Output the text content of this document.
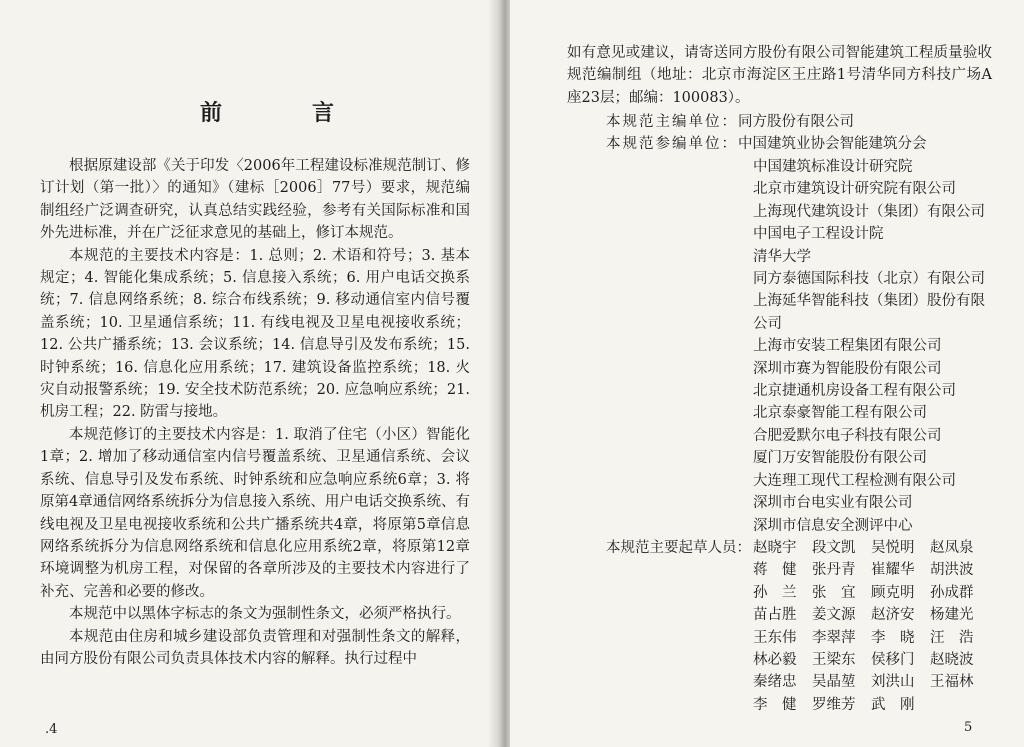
前　言

根据原建设部《关于印发〈2006年工程建设标准规范制订、修订计划（第一批）〉的通知》（建标［2006］77号）要求，规范编制组经广泛调查研究，认真总结实践经验，参考有关国际标准和国外先进标准，并在广泛征求意见的基础上，修订本规范。

本规范的主要技术内容是：1. 总则；2. 术语和符号；3. 基本规定；4. 智能化集成系统；5. 信息接入系统；6. 用户电话交换系统；7. 信息网络系统；8. 综合布线系统；9. 移动通信室内信号覆盖系统；10. 卫星通信系统；11. 有线电视及卫星电视接收系统；12. 公共广播系统；13. 会议系统；14. 信息导引及发布系统；15. 时钟系统；16. 信息化应用系统；17. 建筑设备监控系统；18. 火灾自动报警系统；19. 安全技术防范系统；20. 应急响应系统；21. 机房工程；22. 防雷与接地。

本规范修订的主要技术内容是：1. 取消了住宅（小区）智能化1章；2. 增加了移动通信室内信号覆盖系统、卫星通信系统、会议系统、信息导引及发布系统、时钟系统和应急响应系统6章；3. 将原第4章通信网络系统拆分为信息接入系统、用户电话交换系统、有线电视及卫星电视接收系统和公共广播系统共4章，将原第5章信息网络系统拆分为信息网络系统和信息化应用系统2章，将原第12章环境调整为机房工程，对保留的各章所涉及的主要技术内容进行了补充、完善和必要的修改。

本规范中以黑体字标志的条文为强制性条文，必须严格执行。

本规范由住房和城乡建设部负责管理和对强制性条文的解释，由同方股份有限公司负责具体技术内容的解释。执行过程中

.4

如有意见或建议，请寄送同方股份有限公司智能建筑工程质量验收规范编制组（地址：北京市海淀区王庄路1号清华同方科技广场A座23层；邮编：100083）。

本规范主编单位：同方股份有限公司
本规范参编单位：中国建筑业协会智能建筑分会
中国建筑标准设计研究院
北京市建筑设计研究院有限公司
上海现代建筑设计（集团）有限公司
中国电子工程设计院
清华大学
同方泰德国际科技（北京）有限公司
上海延华智能科技（集团）股份有限
公司
上海市安装工程集团有限公司
深圳市赛为智能股份有限公司
北京捷通机房设备工程有限公司
北京泰豪智能工程有限公司
合肥爱默尔电子科技有限公司
厦门万安智能股份有限公司
大连理工现代工程检测有限公司
深圳市台电实业有限公司
深圳市信息安全测评中心
本规范主要起草人员： 赵晓宇	段文凯	吴悦明	赵凤泉
蒋　健	张丹青	崔耀华	胡洪波
孙　兰	张　宜	顾克明	孙成群
苗占胜	姜文源	赵济安	杨建光
王东伟	李翠萍	李　晓	汪　浩
林必毅	王梁东	侯移门	赵晓波
秦绪忠	吴晶堃	刘洪山	王福林
李　健	罗维芳	武　刚
5
